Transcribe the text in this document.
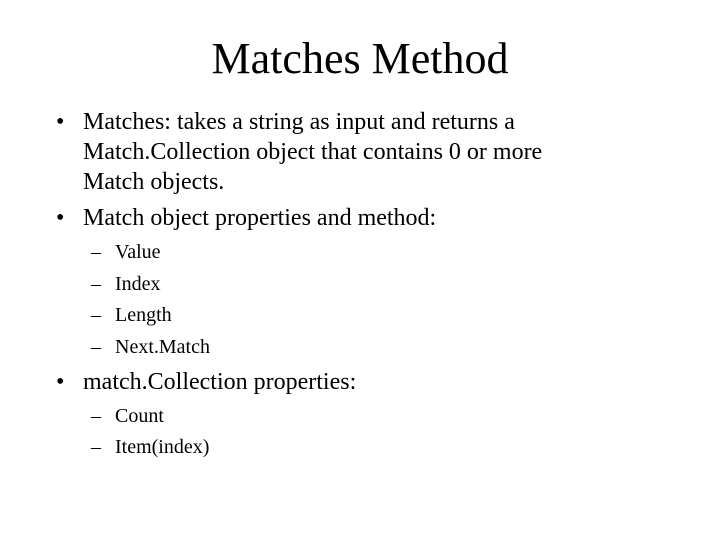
Matches Method
• Matches: takes a string as input and returns a
Match.Collection object that contains 0 or more
Match objects.
• Match object properties and method:
– Value
– Index
– Length
– Next.Match
• match.Collection properties:
– Count
– Item(index)
